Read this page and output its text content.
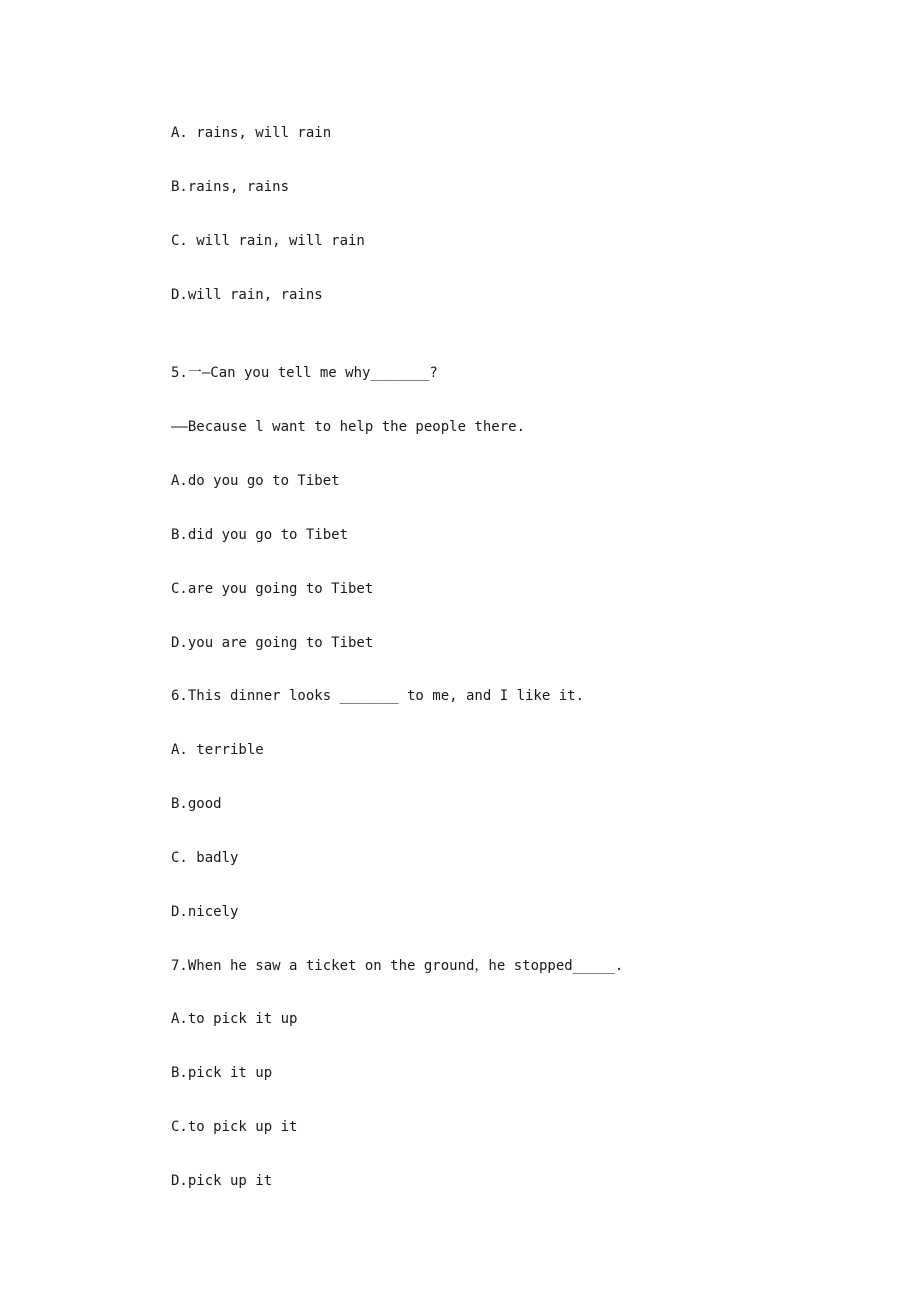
A. rains, will rain

B.rains, rains

C. will rain, will rain

D.will rain, rains

5.一—Can you tell me why_______?

——Because l want to help the people there.

A.do you go to Tibet

B.did you go to Tibet

C.are you going to Tibet

D.you are going to Tibet

6.This dinner looks _______ to me, and I like it.

A. terrible

B.good

C. badly

D.nicely

7.When he saw a ticket on the ground，he stopped_____.

A.to pick it up

B.pick it up

C.to pick up it

D.pick up it
